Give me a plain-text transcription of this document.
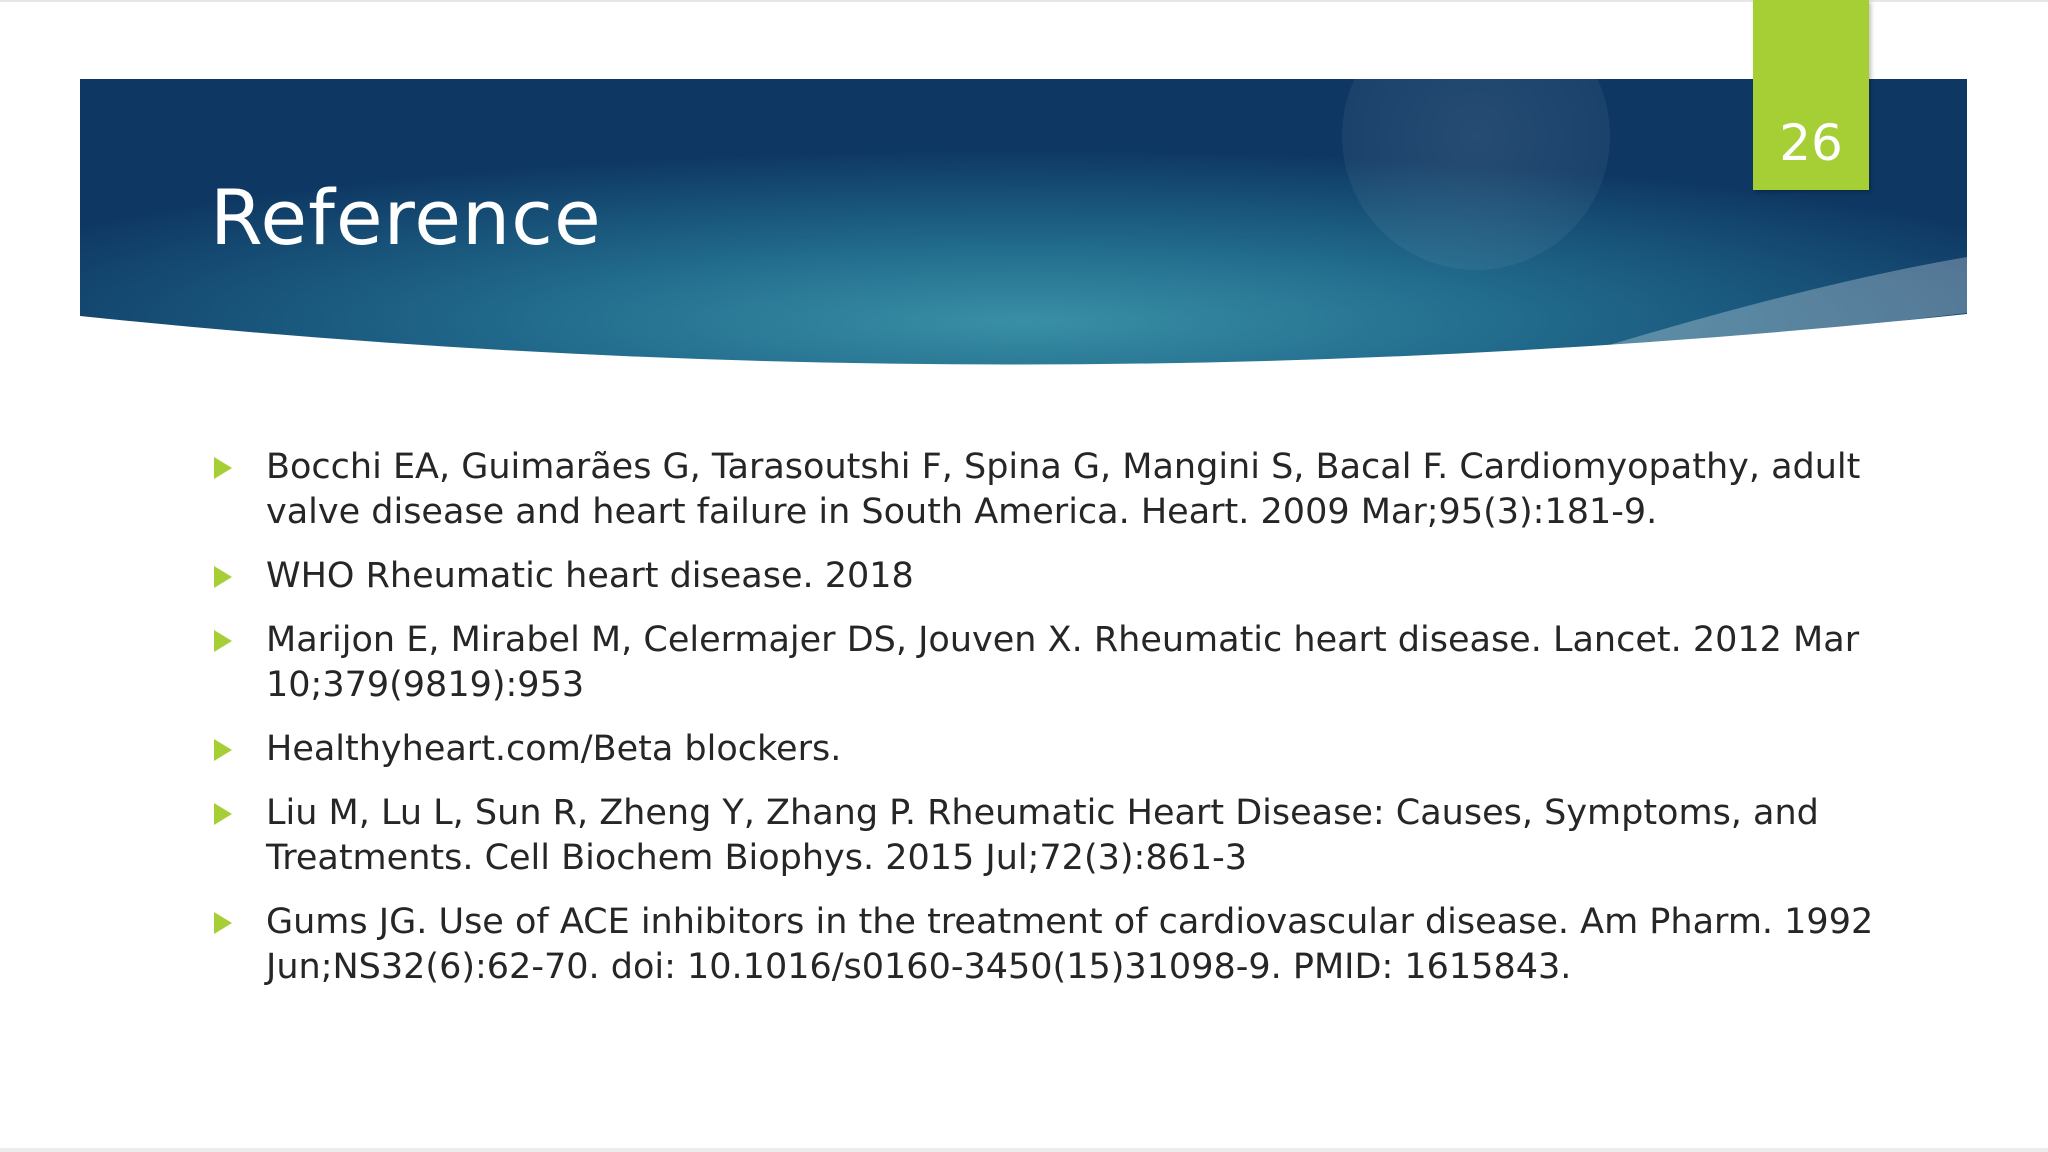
Reference
26
Bocchi EA, Guimarães G, Tarasoutshi F, Spina G, Mangini S, Bacal F. Cardiomyopathy, adult valve disease and heart failure in South America. Heart. 2009 Mar;95(3):181-9.
WHO Rheumatic heart disease. 2018
Marijon E, Mirabel M, Celermajer DS, Jouven X. Rheumatic heart disease. Lancet. 2012 Mar 10;379(9819):953
Healthyheart.com/Beta blockers.
Liu M, Lu L, Sun R, Zheng Y, Zhang P. Rheumatic Heart Disease: Causes, Symptoms, and Treatments. Cell Biochem Biophys. 2015 Jul;72(3):861-3
Gums JG. Use of ACE inhibitors in the treatment of cardiovascular disease. Am Pharm. 1992 Jun;NS32(6):62-70. doi: 10.1016/s0160-3450(15)31098-9. PMID: 1615843.
